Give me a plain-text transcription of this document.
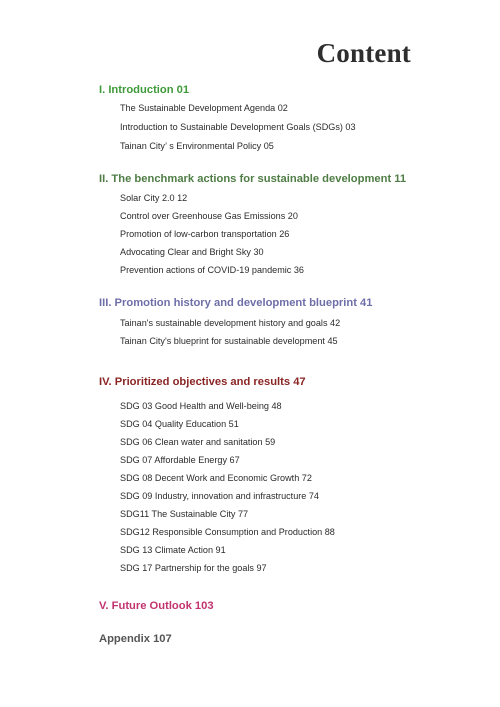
Content
I. Introduction 01
The Sustainable Development Agenda 02
Introduction to Sustainable Development Goals (SDGs) 03
Tainan City’ s Environmental Policy 05
II. The benchmark actions for sustainable development 11
Solar City 2.0 12
Control over Greenhouse Gas Emissions 20
Promotion of low-carbon transportation 26
Advocating Clear and Bright Sky 30
Prevention actions of COVID-19 pandemic 36
III. Promotion history and development blueprint 41
Tainan's sustainable development history and goals 42
Tainan City's blueprint for sustainable development 45
IV. Prioritized objectives and results 47
SDG 03 Good Health and Well-being 48
SDG 04 Quality Education 51
SDG 06 Clean water and sanitation 59
SDG 07 Affordable Energy 67
SDG 08 Decent Work and Economic Growth 72
SDG 09 Industry, innovation and infrastructure 74
SDG11 The Sustainable City 77
SDG12 Responsible Consumption and Production 88
SDG 13 Climate Action 91
SDG 17 Partnership for the goals 97
V. Future Outlook 103
Appendix 107
